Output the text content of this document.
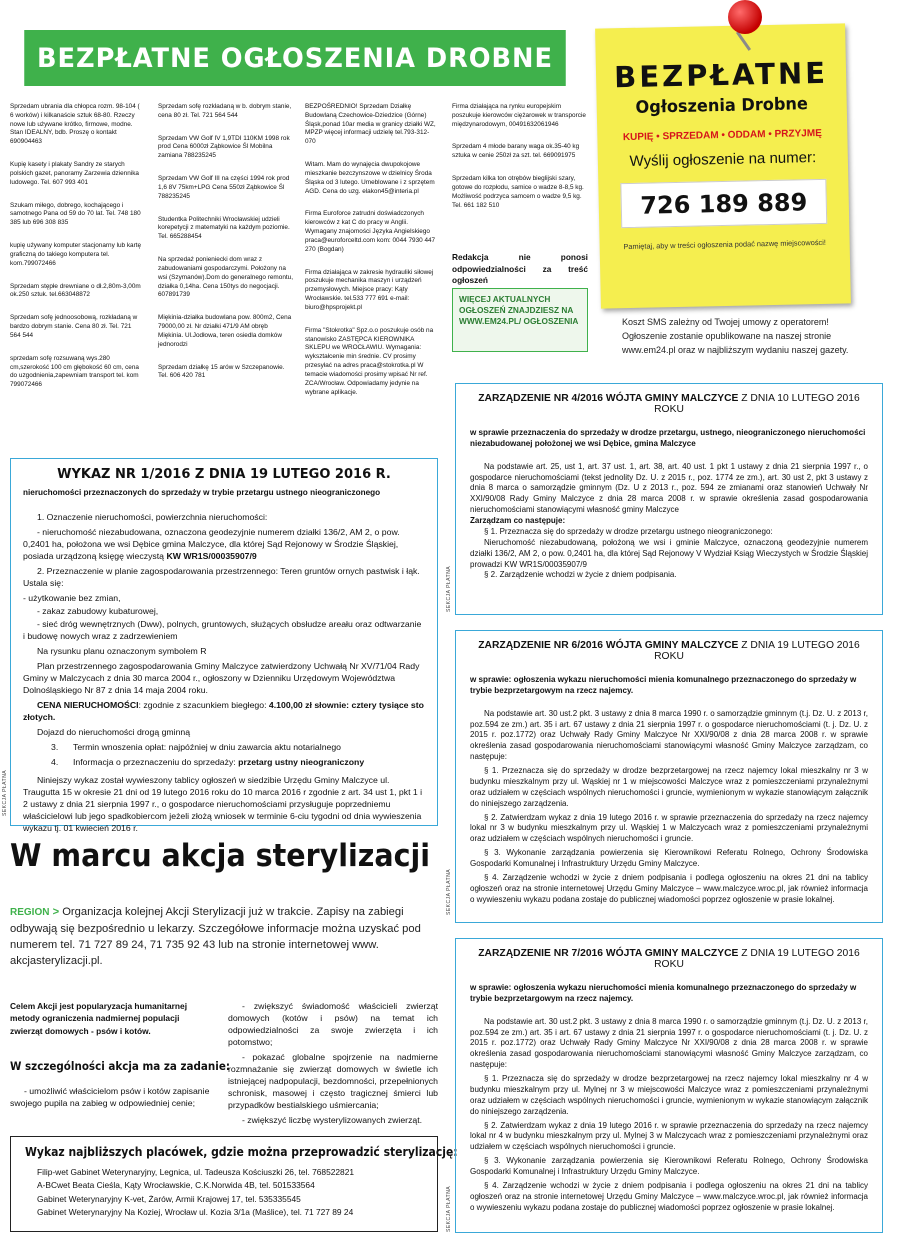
BEZPŁATNE OGŁOSZENIA DROBNE

Sprzedam ubrania dla chłopca rozm. 98-104 ( 6 worków) i kilkanaście sztuk 68-80. Rzeczy nowe lub używane krótko, firmowe, modne. Stan IDEALNY, bdb. Proszę o kontakt 690904463

Kupię kasety i plakaty Sandry ze starych polskich gazet, panoramy Zarzewia dziennika ludowego. Tel. 607 993 401

Szukam miłego, dobrego, kochającego i samotnego Pana od 59 do 70 lat. Tel. 748 180 385 lub 696 308 835

kupię używany komputer stacjonarny lub kartę graficzną do takiego komputera tel. kom.799072466

Sprzedam stępłe drewniane o dł.2,80m-3,00m ok.250 sztuk. tel.663048872

Sprzedam sofę jednoosobową, rozkładaną w bardzo dobrym stanie. Cena 80 zł. Tel. 721 564 544

sprzedam sofę rozsuwaną wys.280 cm,szerokość 100 cm głębokość 60 cm, cena do uzgodnienia,zapewniam transport tel. kom 799072466

Sprzedam sofę rozkładaną w b. dobrym stanie, cena 80 zł. Tel. 721 564 544

Sprzedam VW Golf IV 1,9TDI 110KM 1998 rok prod Cena 6000zł Ząbkowice Śl Mobilna zamiana 788235245

Sprzedam VW Golf III na części 1994 rok prod 1,6 8V 75km+LPG Cena 550zł Ząbkowice Śl 788235245

Studentka Politechniki Wrocławskiej udzieli korepetycji z matematyki na każdym poziomie. Tel. 665288454

Na sprzedaż ponieniecki dom wraz z zabudowaniami gospodarczymi. Położony na wsi (Szymanów).Dom do generalnego remontu, działka 0,14ha. Cena 150tys do negocjacji. 607891739

Miękinia-działka budowlana pow. 800m2, Cena 79000,00 zł. Nr działki 471/9 AM obręb Miękinia. Ul.Jodłowa, teren osiedla domków jednorodzi

Sprzedam działkę 15 arów w Szczepanowie. Tel. 606 420 781

BEZPOŚREDNIO! Sprzedam Działkę Budowlaną Czechowice-Dziedzice (Górne) Śląsk,ponad 10ar media w granicy działki WZ, MPZP więcej informacji udzielę tel.793-312-070

Witam. Mam do wynajęcia dwupokojowe mieszkanie bezczynszowe w dzielnicy Środa Śląska od 3 lutego. Umeblowane i z sprzętem AGD. Cena do uzg. elakon45@interia.pl

Firma Euroforce zatrudni doświadczonych kierowców z kat C do pracy w Anglii. Wymagany znajomości Języka Angielskiego praca@euroforceltd.com kom: 0044 7930 447 270 (Bogdan)

Firma działająca w zakresie hydrauliki siłowej poszukuje mechanika maszyn i urządzeń przemysłowych. Miejsce pracy: Kąty Wrocławskie. tel.533 777 691 e-mail: biuro@hpsprojekt.pl

Firma "Stokrotka" Spz.o.o poszukuje osób na stanowisko ZASTĘPCA KIEROWNIKA SKLEPU we WROCŁAWIU. Wymagania: wykształcenie min średnie. CV prosimy przesyłać na adres praca@stokrotka.pl W temacie wiadomości prosimy wpisać Nr ref. ZCA/Wrocław. Odpowiadamy jedynie na wybrane aplikacje.

Firma działająca na rynku europejskim poszukuje kierowców ciężarowek w transporcie międzynarodowym, 00491632061946

Sprzedam 4 młode barany waga ok.35-40 kg sztuka w cenie 250zł za szt. tel. 669091975

Sprzedam kilka ton otrębów bieglijski szary, gotowe do rozpłodu, samice o wadze 8-8,5 kg. Możliwość podrzyca samcem o wadze 9,5 kg. Tel. 661 182 510

Redakcja nie ponosi odpowiedzialności za treść ogłoszeń
WIĘCEJ AKTUALNYCH OGŁOSZEŃ ZNAJDZIESZ NA WWW.EM24.PL/ OGŁOSZENIA
BEZPŁATNE
Ogłoszenia Drobne
KUPIĘ • SPRZEDAM • ODDAM • PRZYJMĘ
Wyślij ogłoszenie na numer:
726 189 889
Pamiętaj, aby w treści ogłoszenia podać nazwę miejscowości!
Koszt SMS zależny od Twojej umowy z operatorem!
Ogłoszenie zostanie opublikowane na naszej stronie www.em24.pl oraz w najbliższym wydaniu naszej gazety.
WYKAZ NR 1/2016 Z DNIA 19 LUTEGO 2016 R.
nieruchomości przeznaczonych do sprzedaży w trybie przetargu ustnego nieograniczonego

1. Oznaczenie nieruchomości, powierzchnia nieruchomości:

- nieruchomość niezabudowana, oznaczona geodezyjnie numerem działki 136/2, AM 2, o pow. 0,2401 ha, położona we wsi Dębice gmina Malczyce, dla której Sąd Rejonowy w Środzie Śląskiej, posiada urządzoną księgę wieczystą KW WR1S/00035907/9

2. Przeznaczenie w planie zagospodarowania przestrzennego: Teren gruntów ornych pastwisk i łąk. Ustala się:

- użytkowanie bez zmian,

- zakaz zabudowy kubaturowej,

- sieć dróg wewnętrznych (Dww), polnych, gruntowych, służących obsłudze areału oraz odtwarzanie i budowę nowych wraz z zadrzewieniem

Na rysunku planu oznaczonym symbolem R

Plan przestrzennego zagospodarowania Gminy Malczyce zatwierdzony Uchwałą Nr XV/71/04 Rady Gminy w Malczycach z dnia 30 marca 2004 r., ogłoszony w Dzienniku Urzędowym Województwa Dolnośląskiego Nr 87 z dnia 14 maja 2004 roku.

CENA NIERUCHOMOŚCI: zgodnie z szacunkiem biegłego: 4.100,00 zł słownie: cztery tysiące sto złotych.

Dojazd do nieruchomości drogą gminną

3. Termin wnoszenia opłat: najpóźniej w dniu zawarcia aktu notarialnego

4. Informacja o przeznaczeniu do sprzedaży: przetarg ustny nieograniczony

Niniejszy wykaz został wywieszony tablicy ogłoszeń w siedzibie Urzędu Gminy Malczyce ul. Traugutta 15 w okresie 21 dni od 19 lutego 2016 roku do 10 marca 2016 r zgodnie z art. 34 ust 1, pkt 1 i 2 ustawy z dnia 21 sierpnia 1997 r., o gospodarce nieruchomościami przysługuje poprzedniemu właścicielowi lub jego spadkobiercom jeżeli złożą wniosek w terminie 6-ciu tygodni od dnia wywieszenia wykazu tj. 01 kwiecień 2016 r.

SEKCJA PŁATNA
SEKCJA PŁATNA
SEKCJA PŁATNA
SEKCJA PŁATNA
W marcu akcja sterylizacji
REGION > Organizacja kolejnej Akcji Sterylizacji już w trakcie. Zapisy na zabiegi odbywają się bezpośrednio u lekarzy. Szczegółowe informacje można uzyskać pod numerem tel. 71 727 89 24, 71 735 92 43 lub na stronie internetowej www. akcjasterylizacji.pl.
Celem Akcji jest popularyzacja humanitarnej metody ograniczenia nadmiernej populacji zwierząt domowych - psów i kotów.
W szczególności akcja ma za zadanie:
- umożliwić właścicielom psów i kotów zapisanie swojego pupila na zabieg w odpowiedniej cenie;

- zwiększyć świadomość właścicieli zwierząt domowych (kotów i psów) na temat ich odpowiedzialności za swoje zwierzęta i ich potomstwo;

- pokazać globalne spojrzenie na nadmierne rozmnażanie się zwierząt domowych w świetle ich istniejącej nadpopulacji, bezdomności, przepełnionych schronisk, masowej i często tragicznej śmierci lub przypadków bestialskiego uśmiercania;

- zwiększyć liczbę wysterylizowanych zwierząt.

Wykaz najbliższych placówek, gdzie można przeprowadzić sterylizację:
Filip-wet Gabinet Weterynaryjny, Legnica, ul. Tadeusza Kościuszki 26, tel. 768522821
A-BCwet Beata Cieśla, Kąty Wrocławskie, C.K.Norwida 4B, tel. 501533564
Gabinet Weterynaryjny K-vet, Żarów, Armii Krajowej 17, tel. 535335545
Gabinet Weterynaryjny Na Koziej, Wrocław ul. Kozia 3/1a (Maślice), tel. 71 727 89 24
ZARZĄDZENIE NR 4/2016 WÓJTA GMINY MALCZYCE Z DNIA 10 LUTEGO 2016 ROKU
w sprawie przeznaczenia do sprzedaży w drodze przetargu, ustnego, nieograniczonego nieruchomości niezabudowanej położonej we wsi Dębice, gmina Malczyce

Na podstawie art. 25, ust 1, art. 37 ust. 1, art. 38, art. 40 ust. 1 pkt 1 ustawy z dnia 21 sierpnia 1997 r., o gospodarce nieruchomościami (tekst jednolity Dz. U. z 2015 r., poz. 1774 ze zm.), art. 30 ust 2, pkt 3 ustawy z dnia 8 marca o samorządzie gminnym (Dz. U z 2013 r., poz. 594 ze zmianami oraz stanowień Uchwały Nr XXI/90/08 Rady Gminy Malczyce z dnia 28 marca 2008 r. w sprawie określenia zasad gospodarowania nieruchomościami stanowiącymi własność gminy Malczyce

Zarządzam co następuje:

§ 1. Przeznacza się do sprzedaży w drodze przetargu ustnego nieograniczonego:

Nieruchomość niezabudowaną, położoną we wsi i gminie Malczyce, oznaczoną geodezyjnie numerem działki 136/2, AM 2, o pow. 0,2401 ha, dla której Sąd Rejonowy V Wydział Ksiąg Wieczystych w Środzie Śląskiej prowadzi KW WR1S/00035907/9

§ 2. Zarządzenie wchodzi w życie z dniem podpisania.

ZARZĄDZENIE NR 6/2016 WÓJTA GMINY MALCZYCE Z DNIA 19 LUTEGO 2016 ROKU
w sprawie: ogłoszenia wykazu nieruchomości mienia komunalnego przeznaczonego do sprzedaży w trybie bezprzetargowym na rzecz najemcy.

Na podstawie art. 30 ust.2 pkt. 3 ustawy z dnia 8 marca 1990 r. o samorządzie gminnym (t.j. Dz. U. z 2013 r, poz.594 ze zm.) art. 35 i art. 67 ustawy z dnia 21 sierpnia 1997 r. o gospodarce nieruchomościami (t. j. Dz. U. z 2015 r. poz.1772) oraz Uchwały Rady Gminy Malczyce Nr XXI/90/08 z dnia 28 marca 2008 r. w sprawie określenia zasad gospodarowania nieruchomościami stanowiącymi własność Gminy Malczyce zarządzam, co następuje:

§ 1. Przeznacza się do sprzedaży w drodze bezprzetargowej na rzecz najemcy lokal mieszkalny nr 3 w budynku mieszkalnym przy ul. Wąskiej nr 1 w miejscowości Malczyce wraz z pomieszczeniami przynależnymi oraz udziałem w częściach wspólnych nieruchomości i gruncie, wymienionym w wykazie stanowiącym załącznik do niniejszego zarządzenia.

§ 2. Zatwierdzam wykaz z dnia 19 lutego 2016 r. w sprawie przeznaczenia do sprzedaży na rzecz najemcy lokal nr 3 w budynku mieszkalnym przy ul. Wąskiej 1 w Malczycach wraz z pomieszczeniami przynależnymi oraz udziałem w częściach wspólnych nieruchomości i gruncie.

§ 3. Wykonanie zarządzania powierzenia się Kierownikowi Referatu Rolnego, Ochrony Środowiska Gospodarki Komunalnej i Infrastruktury Urzędu Gminy Malczyce.

§ 4. Zarządzenie wchodzi w życie z dniem podpisania i podlega ogłoszeniu na okres 21 dni na tablicy ogłoszeń oraz na stronie internetowej Urzędu Gminy Malczyce – www.malczyce.wroc.pl, jak również informacja o wywieszeniu wykazu podana zostaje do publicznej wiadomości poprzez ogłoszenie w prasie lokalnej.

ZARZĄDZENIE NR 7/2016 WÓJTA GMINY MALCZYCE Z DNIA 19 LUTEGO 2016 ROKU
w sprawie: ogłoszenia wykazu nieruchomości mienia komunalnego przeznaczonego do sprzedaży w trybie bezprzetargowym na rzecz najemcy.

Na podstawie art. 30 ust.2 pkt. 3 ustawy z dnia 8 marca 1990 r. o samorządzie gminnym (t.j. Dz. U. z 2013 r, poz.594 ze zm.) art. 35 i art. 67 ustawy z dnia 21 sierpnia 1997 r. o gospodarce nieruchomościami (t. j. Dz. U. z 2015 r. poz.1772) oraz Uchwały Rady Gminy Malczyce Nr XXI/90/08 z dnia 28 marca 2008 r. w sprawie określenia zasad gospodarowania nieruchomościami stanowiącymi własność Gminy Malczyce zarządzam, co następuje:

§ 1. Przeznacza się do sprzedaży w drodze bezprzetargowej na rzecz najemcy lokal mieszkalny nr 4 w budynku mieszkalnym przy ul. Mylnej nr 3 w miejscowości Malczyce wraz z pomieszczeniami przynależnymi oraz udziałem w częściach wspólnych nieruchomości i gruncie, wymienionym w wykazie stanowiącym załącznik do niniejszego zarządzenia.

§ 2. Zatwierdzam wykaz z dnia 19 lutego 2016 r. w sprawie przeznaczenia do sprzedaży na rzecz najemcy lokal nr 4 w budynku mieszkalnym przy ul. Mylnej 3 w Malczycach wraz z pomieszczeniami przynależnymi oraz udziałem w częściach wspólnych nieruchomości i gruncie.

§ 3. Wykonanie zarządzania powierzenia się Kierownikowi Referatu Rolnego, Ochrony Środowiska Gospodarki Komunalnej i Infrastruktury Urzędu Gminy Malczyce.

§ 4. Zarządzenie wchodzi w życie z dniem podpisania i podlega ogłoszeniu na okres 21 dni na tablicy ogłoszeń oraz na stronie internetowej Urzędu Gminy Malczyce – www.malczyce.wroc.pl, jak również informacja o wywieszeniu wykazu podana zostaje do publicznej wiadomości poprzez ogłoszenie w prasie lokalnej.
